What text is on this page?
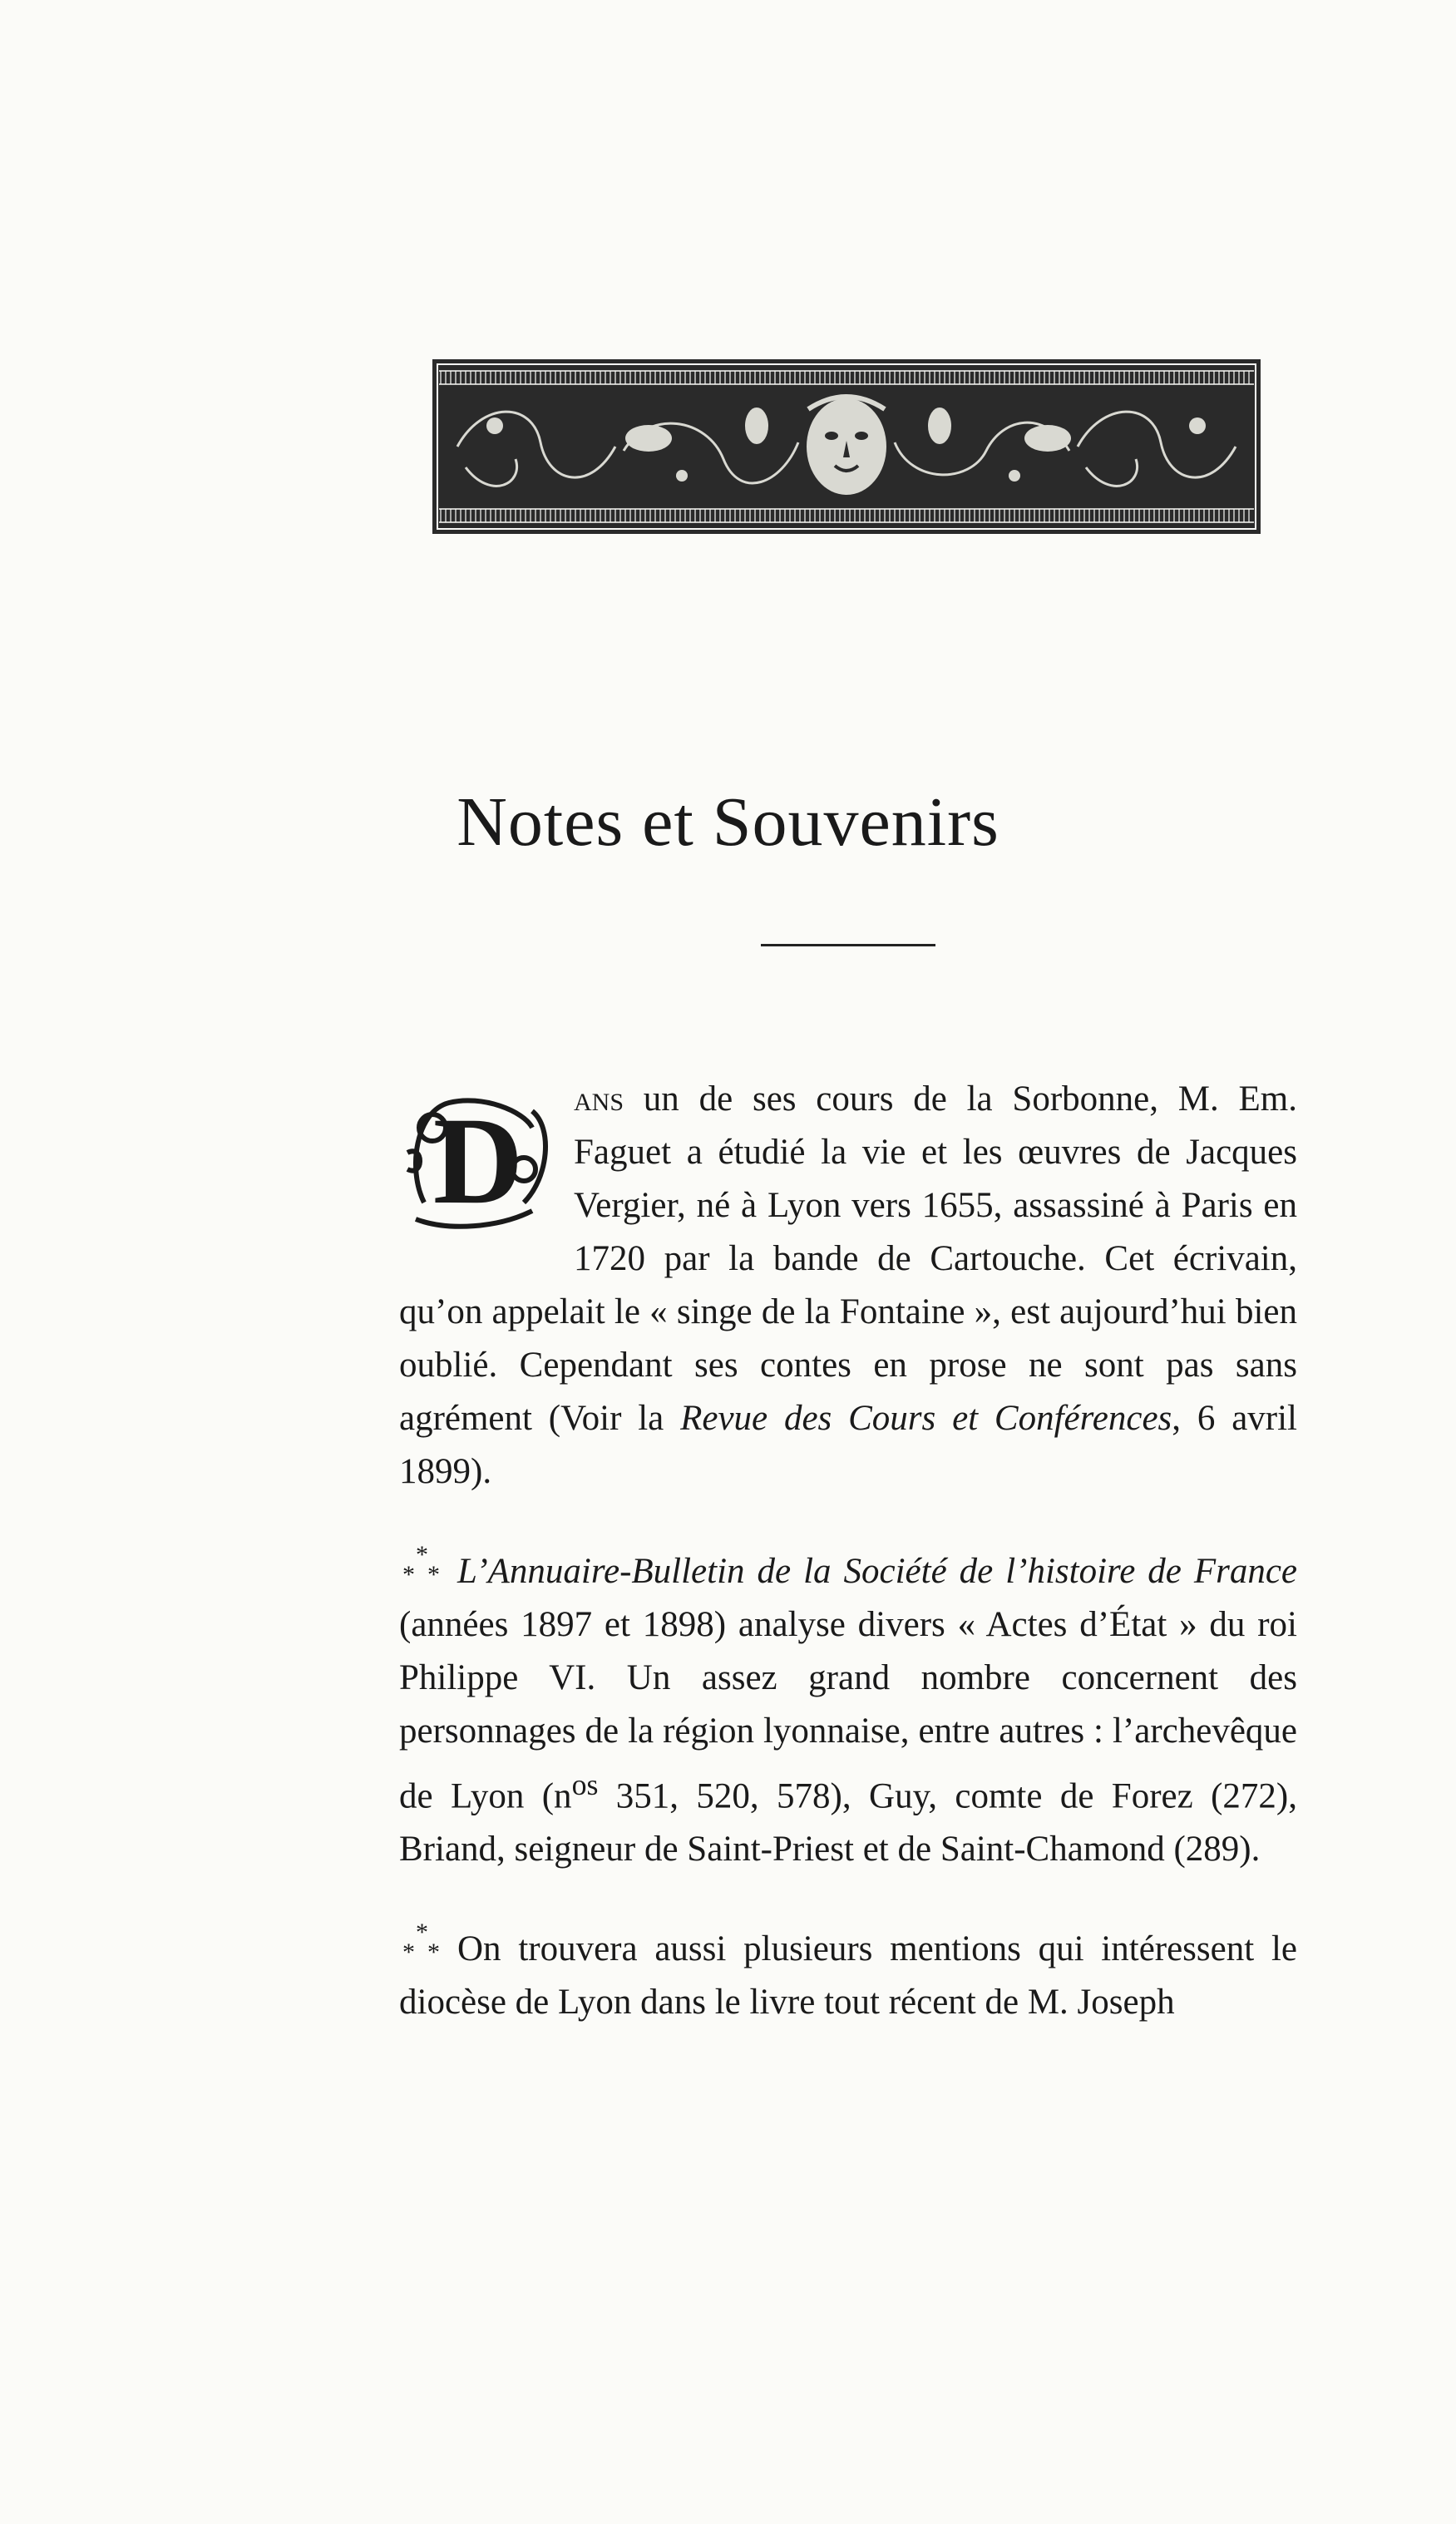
Notes et Souvenirs

D ans un de ses cours de la Sorbonne, M. Em. Faguet a étudié la vie et les œuvres de Jacques Vergier, né à Lyon vers 1655, assassiné à Paris en 1720 par la bande de Cartouche. Cet écrivain, qu’on appelait le « singe de la Fontaine », est aujourd’hui bien oublié. Cependant ses contes en prose ne sont pas sans agrément (Voir la Revue des Cours et Conférences, 6 avril 1899).

*
* * L’Annuaire-Bulletin de la Société de l’histoire de France (années 1897 et 1898) analyse divers « Actes d’État » du roi Philippe VI. Un assez grand nombre concernent des personnages de la région lyonnaise, entre autres : l’archevêque de Lyon ($n^{os}$ 351, 520, 578), Guy, comte de Forez (272), Briand, seigneur de Saint-Priest et de Saint-Chamond (289).

*
* * On trouvera aussi plusieurs mentions qui intéressent le diocèse de Lyon dans le livre tout récent de M. Joseph
